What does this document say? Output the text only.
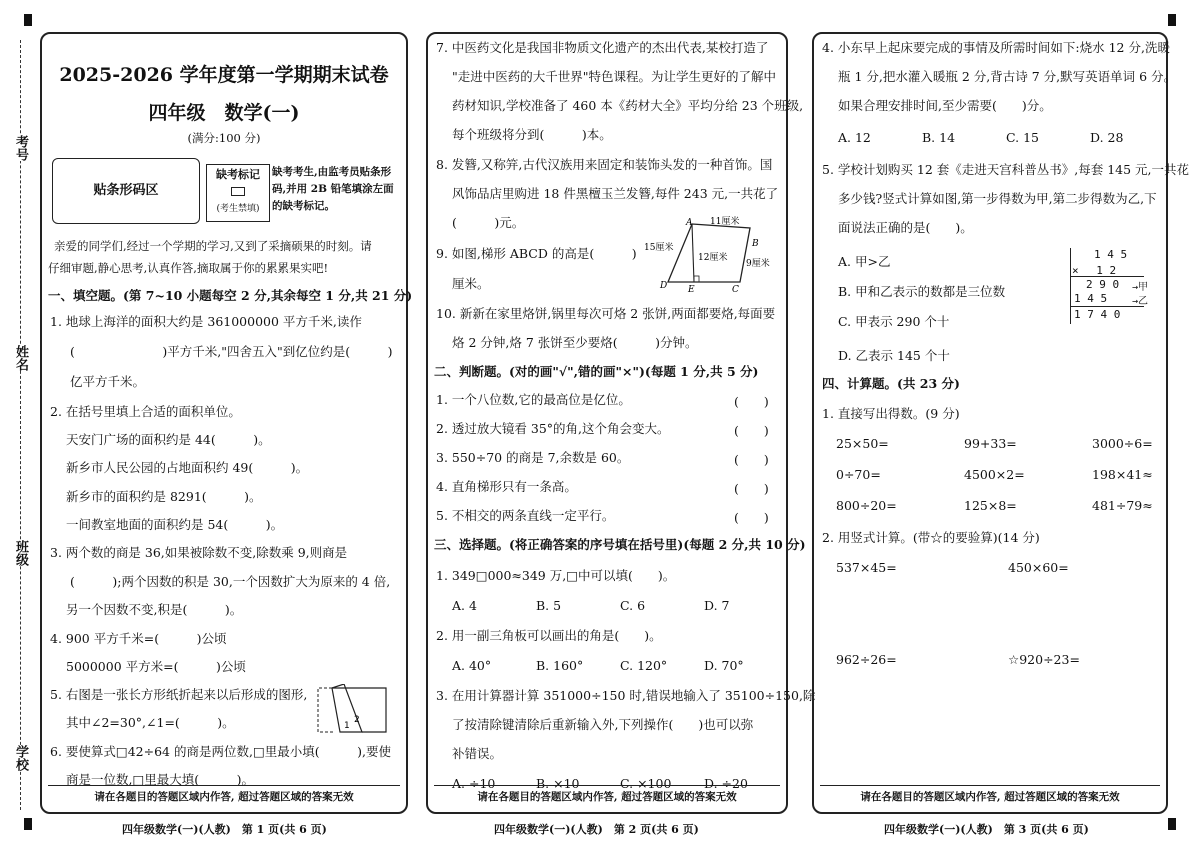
考号
姓名
班级
学校
2025-2026 学年度第一学期期末试卷
四年级　数学(一)
(满分:100 分)
贴条形码区
缺考标记
(考生禁填)
缺考考生,由监考员贴条形码,并用 2B 铅笔填涂左面的缺考标记。
亲爱的同学们,经过一个学期的学习,又到了采摘硕果的时刻。请
仔细审题,静心思考,认真作答,摘取属于你的累累果实吧!
一、填空题。(第 7~10 小题每空 2 分,其余每空 1 分,共 21 分)
1. 地球上海洋的面积大约是 361000000 平方千米,读作
(　　　　　　　)平方千米,"四舍五入"到亿位约是(　　　)
亿平方千米。
2. 在括号里填上合适的面积单位。
天安门广场的面积约是 44(　　　)。
新乡市人民公园的占地面积约 49(　　　)。
新乡市的面积约是 8291(　　　)。
一间教室地面的面积约是 54(　　　)。
3. 两个数的商是 36,如果被除数不变,除数乘 9,则商是
(　　　);两个因数的积是 30,一个因数扩大为原来的 4 倍,
另一个因数不变,积是(　　　)。
4. 900 平方千米=(　　　)公顷
5000000 平方米=(　　　)公顷
5. 右图是一张长方形纸折起来以后形成的图形,
其中∠2=30°,∠1=(　　　)。	1
2
6. 要使算式□42÷64 的商是两位数,□里最小填(　　　),要使
商是一位数,□里最大填(　　　)。
请在各题目的答题区域内作答, 超过答题区域的答案无效
四年级数学(一)(人教)　第 1 页(共 6 页)
7. 中医药文化是我国非物质文化遗产的杰出代表,某校打造了
"走进中医药的大千世界"特色课程。为让学生更好的了解中
药材知识,学校准备了 460 本《药材大全》平均分给 23 个班级,
每个班级将分到(　　　)本。
8. 发簪,又称笄,古代汉族用来固定和装饰头发的一种首饰。国
风饰品店里购进 18 件黑檀玉兰发簪,每件 243 元,一共花了
(　　　)元。
9. 如图,梯形 ABCD 的高是(　　　)
厘米。
A
B
C
D E
11厘米
15厘米
12厘米
9厘米
10. 新新在家里烙饼,锅里每次可烙 2 张饼,两面都要烙,每面要
烙 2 分钟,烙 7 张饼至少要烙(　　　)分钟。
二、判断题。(对的画"√",错的画"×")(每题 1 分,共 5 分)
1. 一个八位数,它的最高位是亿位。	(　　)
2. 透过放大镜看 35°的角,这个角会变大。	(　　)
3. 550÷70 的商是 7,余数是 60。	(　　)
4. 直角梯形只有一条高。	(　　)
5. 不相交的两条直线一定平行。	(　　)
三、选择题。(将正确答案的序号填在括号里)(每题 2 分,共 10 分)
1. 349□000≈349 万,□中可以填(　　)。
A. 4	B. 5	C. 6	D. 7
2. 用一副三角板可以画出的角是(　　)。
A. 40°	B. 160°	C. 120°	D. 70°
3. 在用计算器计算 351000÷150 时,错误地输入了 35100÷150,除
了按清除键清除后重新输入外,下列操作(　　)也可以弥
补错误。
A. ÷10	B. ×10	C. ×100	D. ÷20
请在各题目的答题区域内作答, 超过答题区域的答案无效
四年级数学(一)(人教)　第 2 页(共 6 页)
4. 小东早上起床要完成的事情及所需时间如下:烧水 12 分,洗暖
瓶 1 分,把水灌入暖瓶 2 分,背古诗 7 分,默写英语单词 6 分。
如果合理安排时间,至少需要(　　)分。
A. 12	B. 14	C. 15	D. 28
5. 学校计划购买 12 套《走进天宫科普丛书》,每套 145 元,一共花
多少钱?竖式计算如图,第一步得数为甲,第二步得数为乙,下
面说法正确的是(　　)。
A. 甲>乙
B. 甲和乙表示的数都是三位数
C. 甲表示 290 个十
D. 乙表示 145 个十
1 4 5
× 　1 2
2 9 0
1 4 5
1 7 4 0
→甲
→乙
四、计算题。(共 23 分)
1. 直接写出得数。(9 分)
25×50=	99+33=	3000÷6=
0÷70=	4500×2=	198×41≈
800÷20=	125×8=	481÷79≈
2. 用竖式计算。(带☆的要验算)(14 分)
537×45=	450×60=
962÷26=	☆920÷23=
请在各题目的答题区域内作答, 超过答题区域的答案无效
四年级数学(一)(人教)　第 3 页(共 6 页)
